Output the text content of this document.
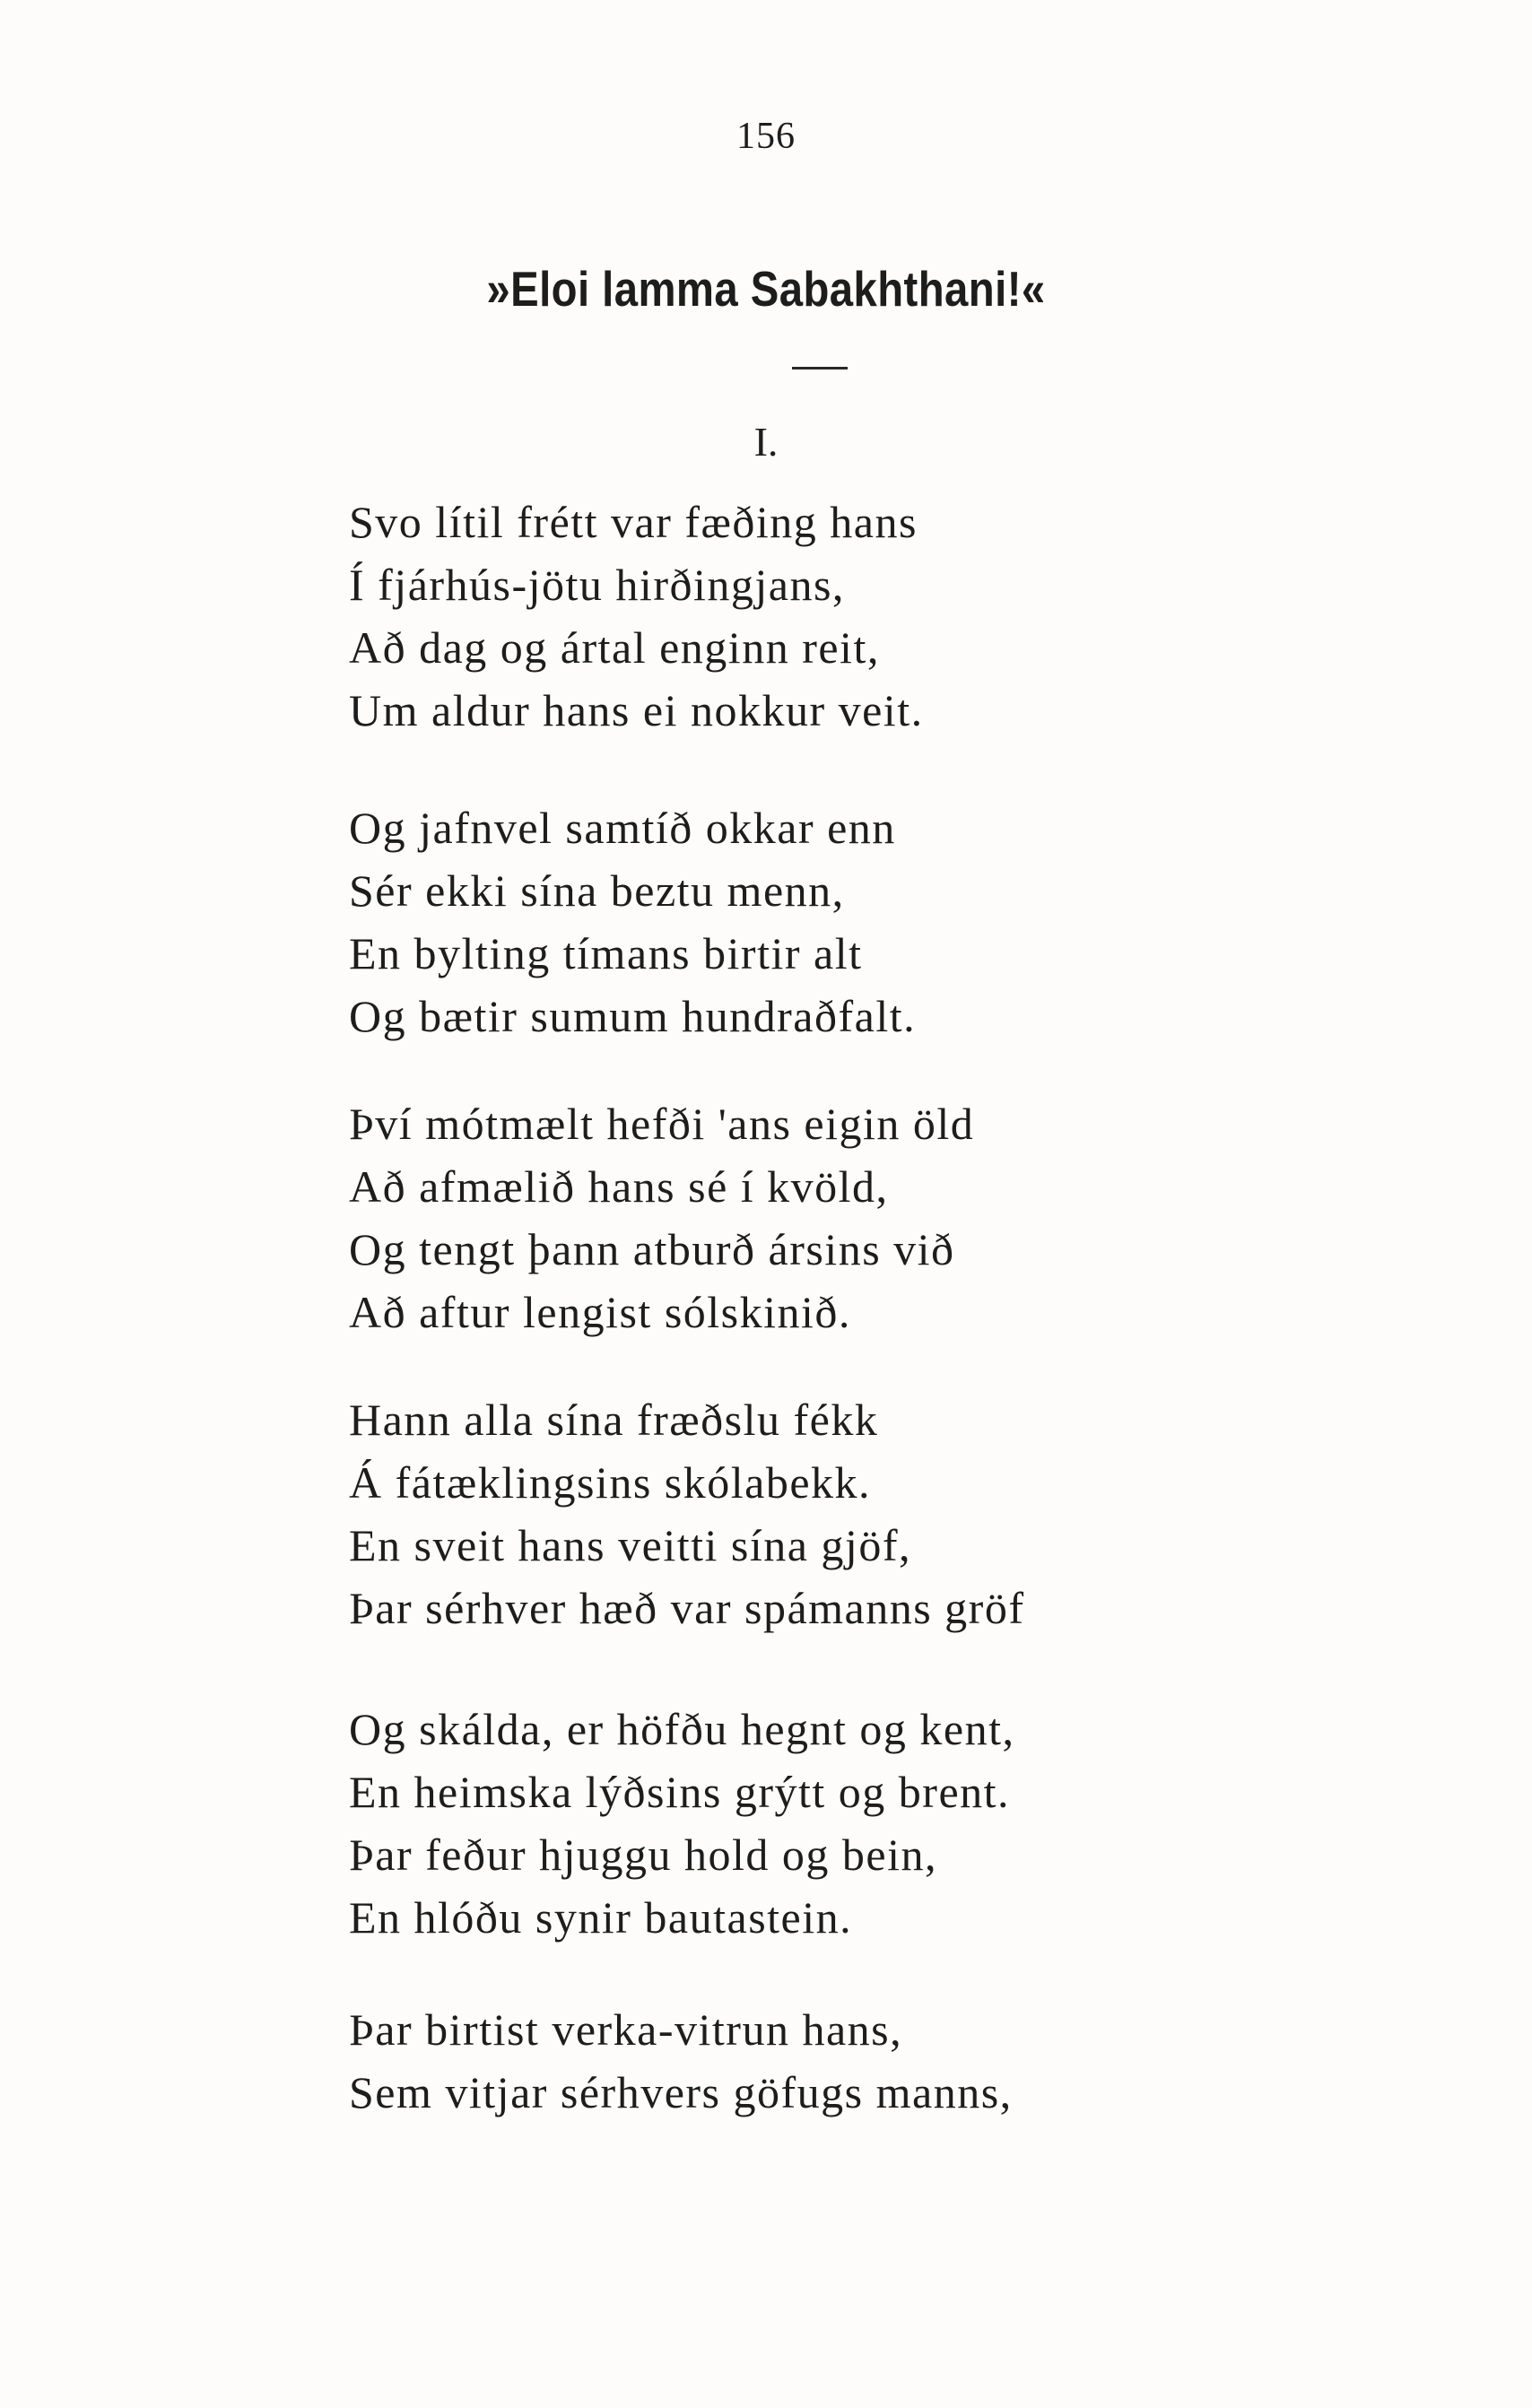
156
»Eloi lamma Sabakhthani!«
I.
Svo lítil frétt var fæðing hans
Í fjárhús-jötu hirðingjans,
Að dag og ártal enginn reit,
Um aldur hans ei nokkur veit.
Og jafnvel samtíð okkar enn
Sér ekki sína beztu menn,
En bylting tímans birtir alt
Og bætir sumum hundraðfalt.
Því mótmælt hefði 'ans eigin öld
Að afmælið hans sé í kvöld,
Og tengt þann atburð ársins við
Að aftur lengist sólskinið.
Hann alla sína fræðslu fékk
Á fátæklingsins skólabekk.
En sveit hans veitti sína gjöf,
Þar sérhver hæð var spámanns gröf
Og skálda, er höfðu hegnt og kent,
En heimska lýðsins grýtt og brent.
Þar feður hjuggu hold og bein,
En hlóðu synir bautastein.
Þar birtist verka-vitrun hans,
Sem vitjar sérhvers göfugs manns,
